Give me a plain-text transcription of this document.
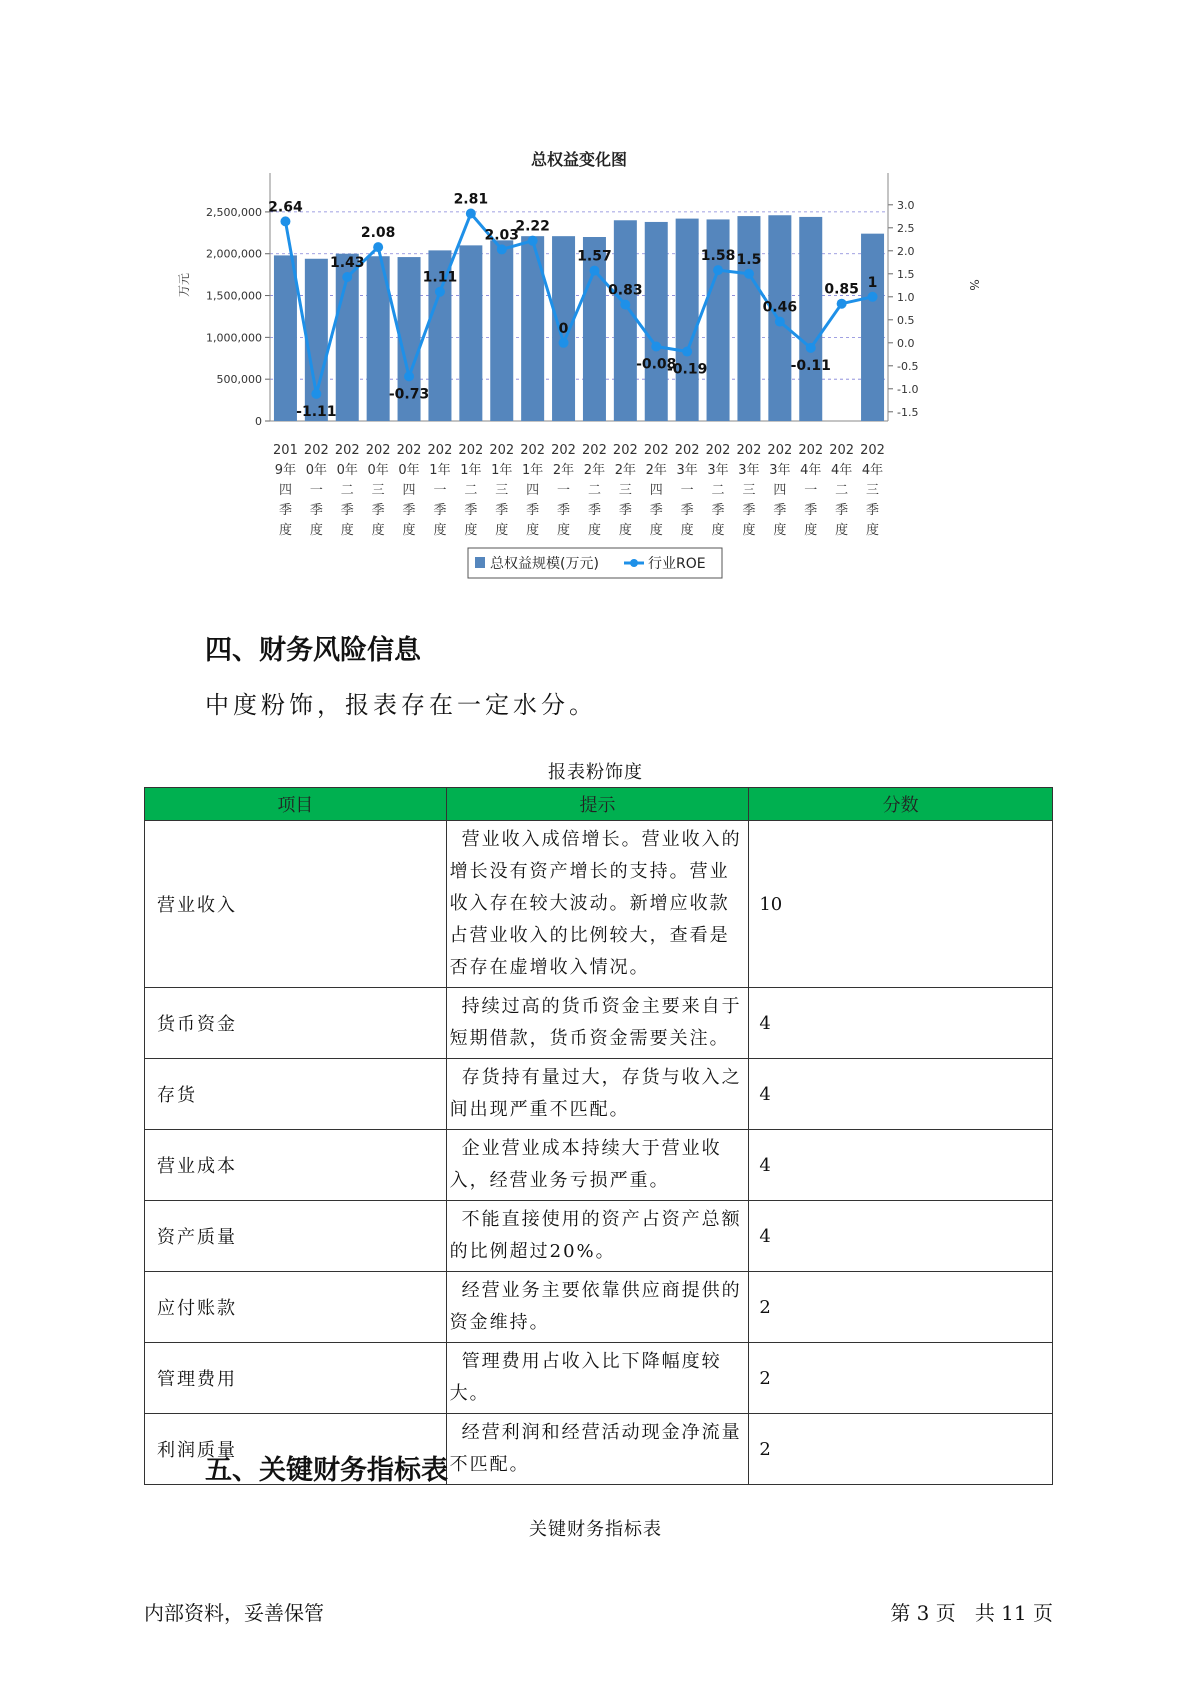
总权益变化图
0
500,000
1,000,000
1,500,000
2,000,000
2,500,000
-1.5
-1.0
-0.5
0.0
0.5
1.0
1.5
2.0
2.5
3.0
万元	%
2.64
-1.11
1.43
2.08
-0.73
1.11
2.81
2.03
2.22
0
1.57
0.83
-0.08
-0.19
1.58 1.5
0.46
-0.11
0.85 1
201
9年
四
季
度
202
0年
一
季
度
202
0年
二
季
度
202
0年
三
季
度
202
0年
四
季
度
202
1年
一
季
度
202
1年
二
季
度
202
1年
三
季
度
202
1年
四
季
度
202
2年
一
季
度
202
2年
二
季
度
202
2年
三
季
度
202
2年
四
季
度
202
3年
一
季
度
202
3年
二
季
度
202
3年
三
季
度
202
3年
四
季
度
202
4年
一
季
度
202
4年
二
季
度
202
4年
三
季
度
总权益规模(万元)	行业ROE
四、财务风险信息

中度粉饰，报表存在一定水分。

报表粉饰度

项目	提示	分数
营业收入	营业收入成倍增长。营业收入的增长没有资产增长的支持。营业收入存在较大波动。新增应收款占营业收入的比例较大，查看是否存在虚增收入情况。	10
货币资金	持续过高的货币资金主要来自于短期借款，货币资金需要关注。	4
存货	存货持有量过大，存货与收入之间出现严重不匹配。	4
营业成本	企业营业成本持续大于营业收入，经营业务亏损严重。	4
资产质量	不能直接使用的资产占资产总额的比例超过20%。	4
应付账款	经营业务主要依靠供应商提供的资金维持。	2
管理费用	管理费用占收入比下降幅度较大。	2
利润质量	经营利润和经营活动现金净流量不匹配。	2
五、关键财务指标表

关键财务指标表

内部资料，妥善保管	第 3 页   共 11 页
